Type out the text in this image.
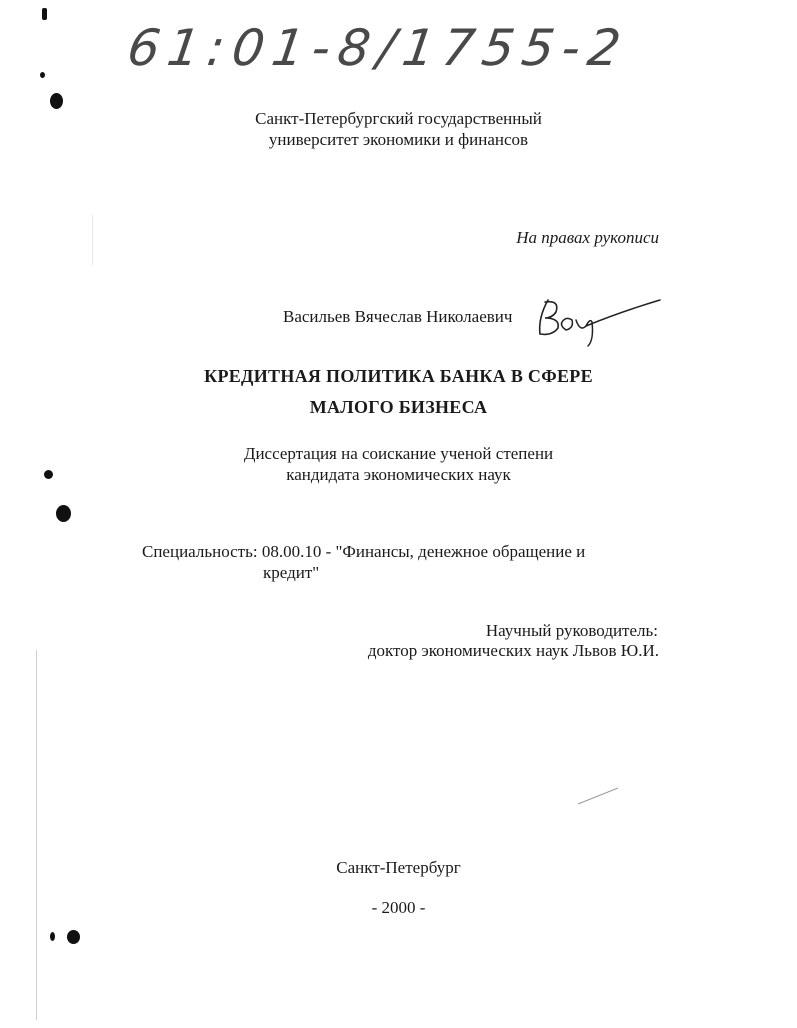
61:01-8/1755-2
Санкт-Петербургский государственный
университет экономики и финансов
На правах рукописи
Васильев Вячеслав Николаевич
КРЕДИТНАЯ ПОЛИТИКА БАНКА В СФЕРЕ
МАЛОГО БИЗНЕСА
Диссертация на соискание ученой степени
кандидата экономических наук
Специальность: 08.00.10 - "Финансы, денежное обращение и
кредит"
Научный руководитель:
доктор экономических наук Львов Ю.И.
Санкт-Петербург
- 2000 -
